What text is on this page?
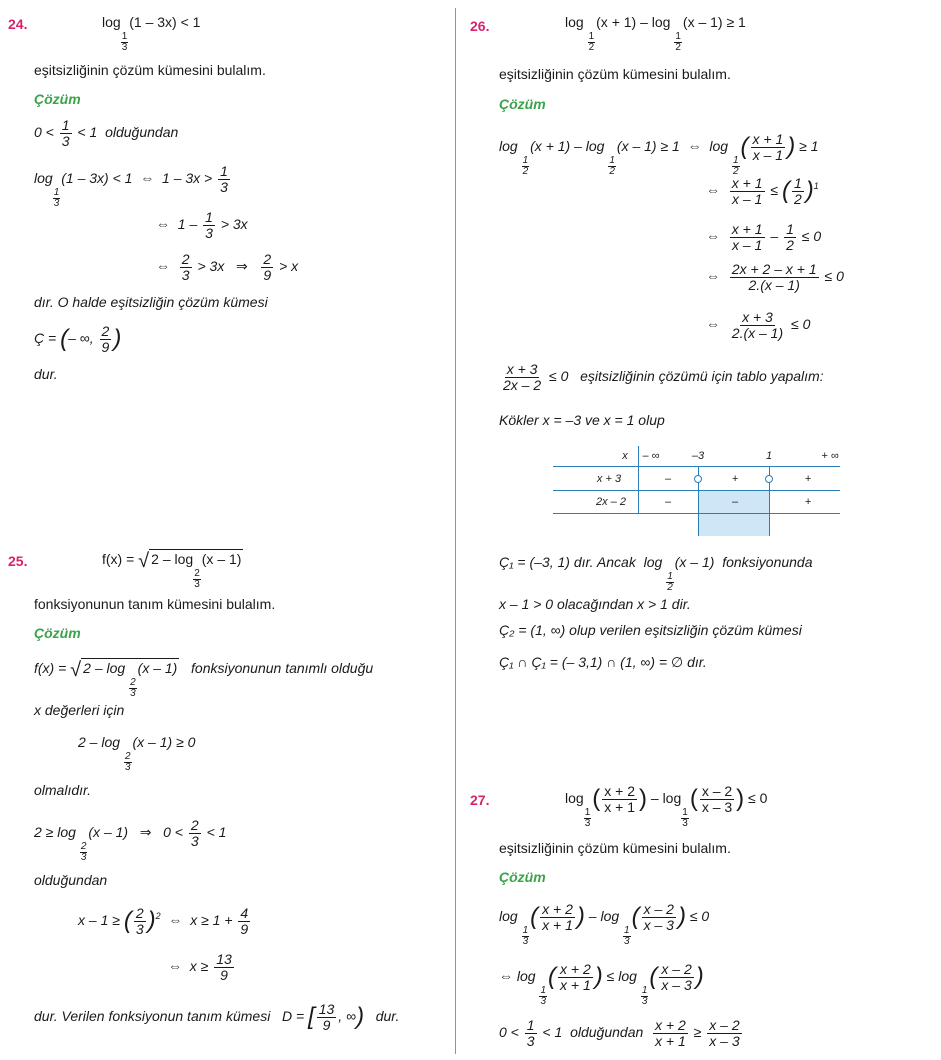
24.	log
$\frac{1}{3}$
(1 – 3x) < 1
eşitsizliğinin çözüm kümesini bulalım.
Çözüm
$0 < \frac{1}{3} < 1$  olduğundan
log
$\frac{1}{3}$
(1 – 3x) < 1  ⇔  $1 - 3x > \frac{1}{3}$
⇔  $1 - \frac{1}{3} > 3x$
⇔ $\frac{2}{3} > 3x$   ⇒ $\frac{2}{9} > x$
dır. O halde eşitsizliğin çözüm kümesi
Ç = (– ∞, $\frac{2}{9}$ )
dur.
25.	f(x) = √ 2 – log
$\frac{2}{3}$
(x – 1)
fonksiyonunun tanım kümesini bulalım.
Çözüm
f(x) = √ 2 – log
$\frac{2}{3}$
(x – 1) fonksiyonunun tanımlı olduğu
x değerleri için
2 – log
$\frac{2}{3}$
(x – 1) ≥ 0
olmalıdır.
2 ≥ log
$\frac{2}{3}$
(x – 1)   ⇒   $0 < \frac{2}{3} < 1$
olduğundan
x – 1 ≥ ( $\frac{2}{3} )^2$  ⇔  $x \ge 1 + \frac{4}{9}$
⇔  $x \ge \frac{13}{9}$
dur. Verilen fonksiyonun tanım kümesi   D = [ $\frac{13}{9}$ , ∞) dur.
26.	log
$\frac{1}{2}$
(x + 1) – log
$\frac{1}{2}$
(x – 1) ≥ 1
eşitsizliğinin çözüm kümesini bulalım.
Çözüm
log
$\frac{1}{2}$
(x + 1) – log
$\frac{1}{2}$
(x – 1) ≥ 1  ⇔  log
$\frac{1}{2}$
( $\frac{x + 1}{x - 1}$ ) ≥ 1
⇔ $\frac{x + 1}{x - 1}$ ≤ ( $\frac{1}{2} )^1$
⇔ $\frac{x + 1}{x - 1} - \frac{1}{2} \le 0$
⇔ $\frac{2x + 2 - x + 1}{2.(x - 1)} \le 0$
⇔ $\frac{x + 3}{2.(x - 1)} \le 0$
$\frac{x + 3}{2x - 2} \le 0$   eşitsizliğinin çözümü için tablo yapalım:
Kökler x = –3 ve x = 1 olup
x – ∞	–3	1	+ ∞
x + 3	–	+	+
2x – 2	–	–	+
Ç₁ = (–3, 1) dır. Ancak  log
$\frac{1}{2}$
(x – 1)  fonksiyonunda
x – 1 > 0 olacağından x > 1 dir.
Ç₂ = (1, ∞) olup verilen eşitsizliğin çözüm kümesi
Ç₁ ∩ Ç₁ = (– 3,1) ∩ (1, ∞) = ∅ dır.
27.	log
$\frac{1}{3}$
( $\frac{x + 2}{x + 1}$ ) – log
$\frac{1}{3}$
( $\frac{x - 2}{x - 3}$ ) ≤ 0
eşitsizliğinin çözüm kümesini bulalım.
Çözüm
log
$\frac{1}{3}$
( $\frac{x + 2}{x + 1}$ ) – log
$\frac{1}{3}$
( $\frac{x - 2}{x - 3}$ ) ≤ 0
⇔ log
$\frac{1}{3}$
( $\frac{x + 2}{x + 1}$ ) ≤ log
$\frac{1}{3}$
( $\frac{x - 2}{x - 3}$ )
$0 < \frac{1}{3} < 1$  olduğundan $\frac{x + 2}{x + 1} \ge \frac{x - 2}{x - 3}$
